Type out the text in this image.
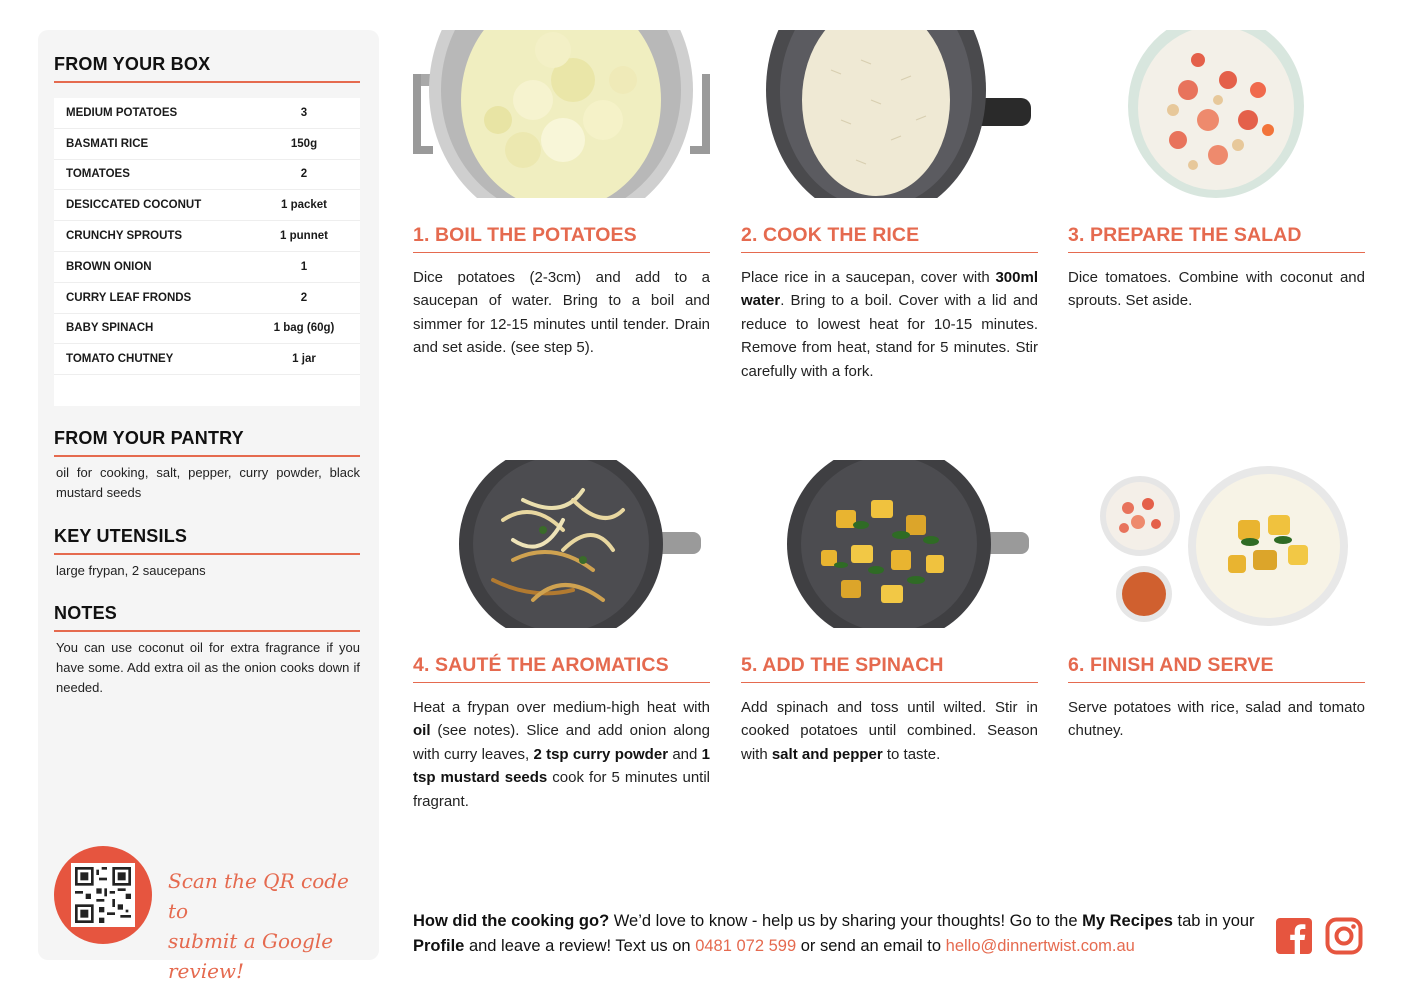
FROM YOUR BOX
MEDIUM POTATOES	3
BASMATI RICE	150g
TOMATOES	2
DESICCATED COCONUT	1 packet
CRUNCHY SPROUTS	1 punnet
BROWN ONION	1
CURRY LEAF FRONDS	2
BABY SPINACH	1 bag (60g)
TOMATO CHUTNEY	1 jar
FROM YOUR PANTRY
oil for cooking, salt, pepper, curry powder, black mustard seeds
KEY UTENSILS
large frypan, 2 saucepans
NOTES
You can use coconut oil for extra fragrance if you have some. Add extra oil as the onion cooks down if needed.
Scan the QR code to
submit a Google review!
1. BOIL THE POTATOES
Dice potatoes (2-3cm) and add to a saucepan of water. Bring to a boil and simmer for 12-15 minutes until tender. Drain and set aside. (see step 5).
2. COOK THE RICE
Place rice in a saucepan, cover with 300ml water. Bring to a boil. Cover with a lid and reduce to lowest heat for 10-15 minutes. Remove from heat, stand for 5 minutes. Stir carefully with a fork.
3. PREPARE THE SALAD
Dice tomatoes. Combine with coconut and sprouts. Set aside.
4. SAUTÉ THE AROMATICS
Heat a frypan over medium-high heat with oil (see notes). Slice and add onion along with curry leaves, 2 tsp curry powder and 1 tsp mustard seeds cook for 5 minutes until fragrant.
5. ADD THE SPINACH
Add spinach and toss until wilted. Stir in cooked potatoes until combined. Season with salt and pepper to taste.
6. FINISH AND SERVE
Serve potatoes with rice, salad and tomato chutney.
How did the cooking go? We’d love to know - help us by sharing your thoughts! Go to the My Recipes tab in your Profile and leave a review! Text us on 0481 072 599 or send an email to hello@dinnertwist.com.au
